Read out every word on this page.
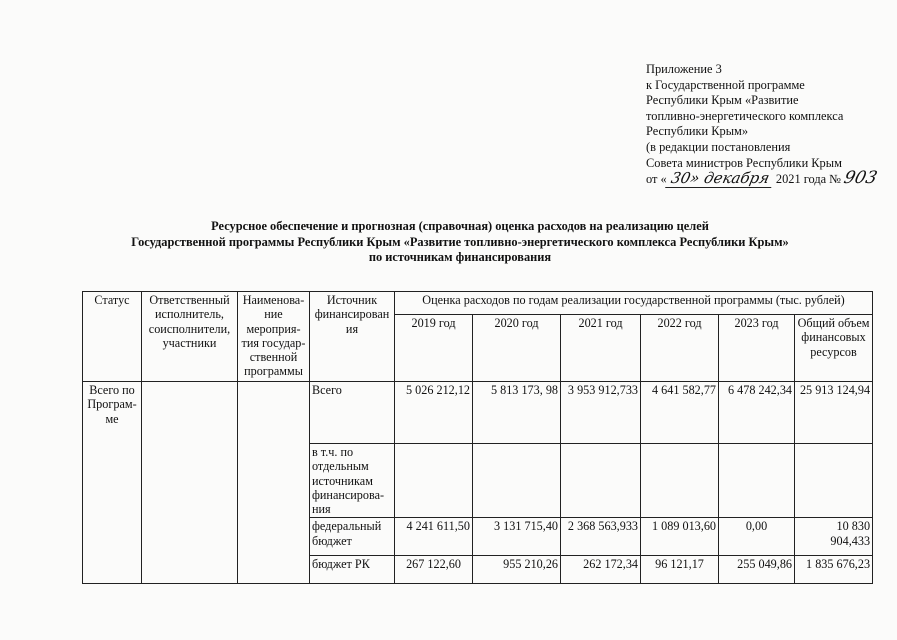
Приложение 3
к Государственной программе
Республики Крым «Развитие
топливно-энергетического комплекса
Республики Крым»
(в редакции постановления
Совета министров Республики Крым
от « 30» декабря 2021 года № 903
Ресурсное обеспечение и прогнозная (справочная) оценка расходов на реализацию целей
Государственной программы Республики Крым «Развитие топливно-энергетического комплекса Республики Крым»
по источникам финансирования
Статус	Ответственный исполнитель, соисполнители, участники	Наименова-ние мероприя-тия государ-ственной программы	Источник финансирован ия	Оценка расходов по годам реализации государственной программы (тыс. рублей)					
				2019 год	2020 год	2021 год	2022 год	2023 год	Общий объем финансовых ресурсов
Всего по Програм-ме			Всего	5 026 212,12	5 813 173, 98	3 953 912,733	4 641 582,77	6 478 242,34	25 913 124,94
			в т.ч. по отдельным источникам финансирова-ния						
			федеральный бюджет	4 241 611,50	3 131 715,40	2 368 563,933	1 089 013,60	0,00	10 830 904,433
			бюджет РК	267 122,60	955 210,26	262 172,34	96 121,17	255 049,86	1 835 676,23
